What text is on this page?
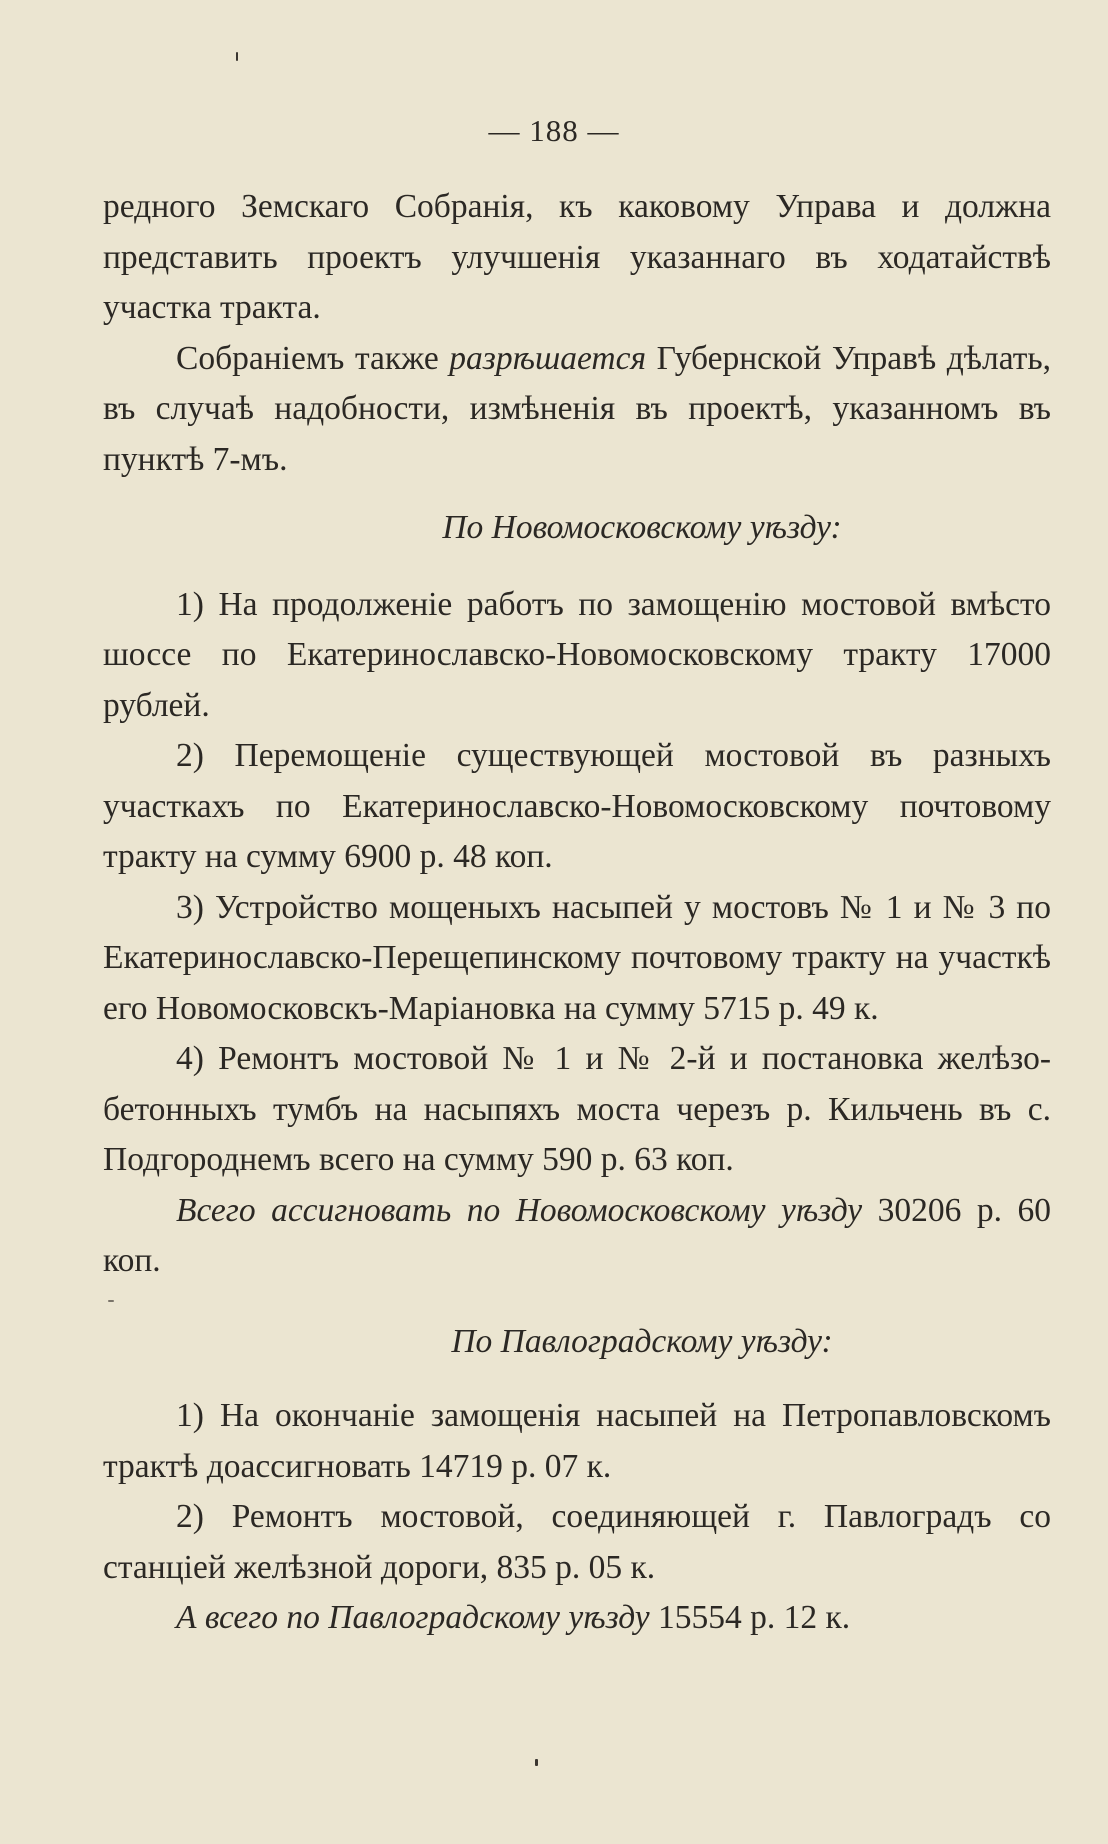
— 188 —

редного Земскаго Собранія, къ каковому Управа и должна представить проектъ улучшенія указаннаго въ ходатайствѣ участка тракта.

Собраніемъ также разрѣшается Губернской Управѣ дѣлать, въ случаѣ надобности, измѣненія въ проектѣ, указанномъ въ пунктѣ 7-мъ.

По Новомосковскому уѣзду:

1) На продолженіе работъ по замощенію мостовой вмѣсто шоссе по Екатеринославско-Новомосковскому тракту 17000 рублей.

2) Перемощеніе существующей мостовой въ разныхъ участкахъ по Екатеринославско-Новомосковскому почтовому тракту на сумму 6900 р. 48 коп.

3) Устройство мощеныхъ насыпей у мостовъ № 1 и № 3 по Екатеринославско-Перещепинскому почтовому тракту на участкѣ его Новомосковскъ-Маріановка на сумму 5715 р. 49 к.

4) Ремонтъ мостовой № 1 и № 2-й и постановка желѣзо-бетонныхъ тумбъ на насыпяхъ моста черезъ р. Кильчень въ с. Подгороднемъ всего на сумму 590 р. 63 коп.

Всего ассигновать по Новомосковскому уѣзду 30206 р. 60 коп.

По Павлоградскому уѣзду:

1) На окончаніе замощенія насыпей на Петропавловскомъ трактѣ доассигновать 14719 р. 07 к.

2) Ремонтъ мостовой, соединяющей г. Павлоградъ со станціей желѣзной дороги, 835 р. 05 к.

А всего по Павлоградскому уѣзду 15554 р. 12 к.
